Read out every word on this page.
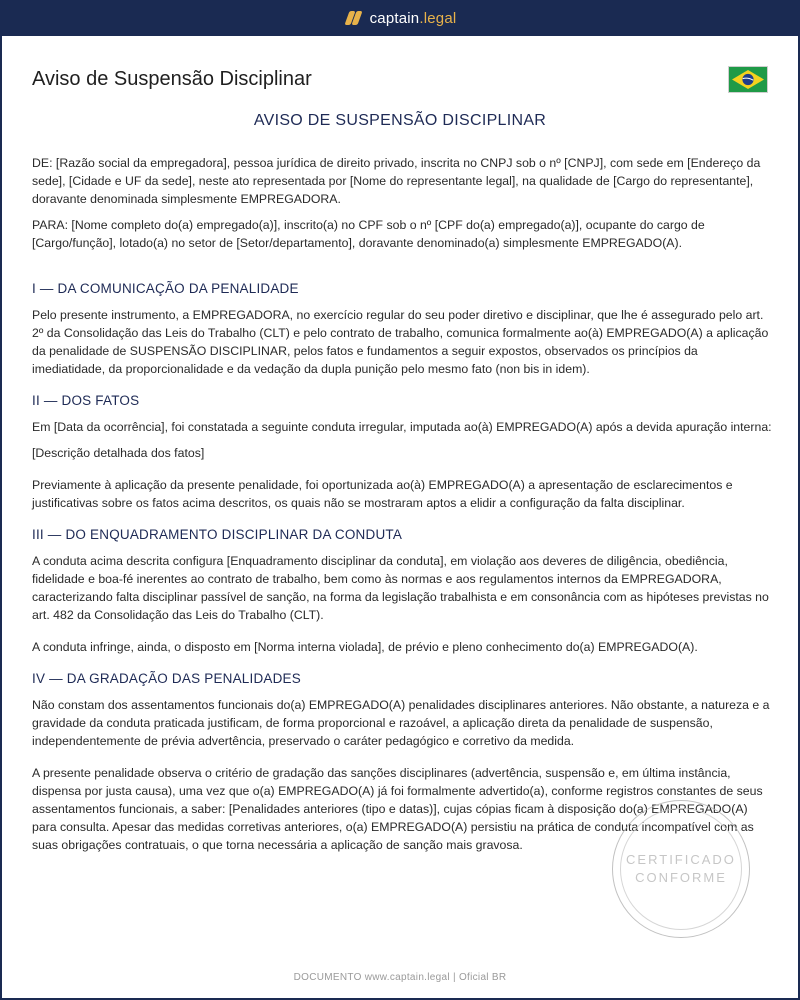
captain.legal
Aviso de Suspensão Disciplinar
AVISO DE SUSPENSÃO DISCIPLINAR

DE: [Razão social da empregadora], pessoa jurídica de direito privado, inscrita no CNPJ sob o nº [CNPJ], com sede em [Endereço da sede], [Cidade e UF da sede], neste ato representada por [Nome do representante legal], na qualidade de [Cargo do representante], doravante denominada simplesmente EMPREGADORA.

PARA: [Nome completo do(a) empregado(a)], inscrito(a) no CPF sob o nº [CPF do(a) empregado(a)], ocupante do cargo de [Cargo/função], lotado(a) no setor de [Setor/departamento], doravante denominado(a) simplesmente EMPREGADO(A).

I — DA COMUNICAÇÃO DA PENALIDADE

Pelo presente instrumento, a EMPREGADORA, no exercício regular do seu poder diretivo e disciplinar, que lhe é assegurado pelo art. 2º da Consolidação das Leis do Trabalho (CLT) e pelo contrato de trabalho, comunica formalmente ao(à) EMPREGADO(A) a aplicação da penalidade de SUSPENSÃO DISCIPLINAR, pelos fatos e fundamentos a seguir expostos, observados os princípios da imediatidade, da proporcionalidade e da vedação da dupla punição pelo mesmo fato (non bis in idem).

II — DOS FATOS

Em [Data da ocorrência], foi constatada a seguinte conduta irregular, imputada ao(à) EMPREGADO(A) após a devida apuração interna:

[Descrição detalhada dos fatos]

Previamente à aplicação da presente penalidade, foi oportunizada ao(à) EMPREGADO(A) a apresentação de esclarecimentos e justificativas sobre os fatos acima descritos, os quais não se mostraram aptos a elidir a configuração da falta disciplinar.

III — DO ENQUADRAMENTO DISCIPLINAR DA CONDUTA

A conduta acima descrita configura [Enquadramento disciplinar da conduta], em violação aos deveres de diligência, obediência, fidelidade e boa-fé inerentes ao contrato de trabalho, bem como às normas e aos regulamentos internos da EMPREGADORA, caracterizando falta disciplinar passível de sanção, na forma da legislação trabalhista e em consonância com as hipóteses previstas no art. 482 da Consolidação das Leis do Trabalho (CLT).

A conduta infringe, ainda, o disposto em [Norma interna violada], de prévio e pleno conhecimento do(a) EMPREGADO(A).

IV — DA GRADAÇÃO DAS PENALIDADES

Não constam dos assentamentos funcionais do(a) EMPREGADO(A) penalidades disciplinares anteriores. Não obstante, a natureza e a gravidade da conduta praticada justificam, de forma proporcional e razoável, a aplicação direta da penalidade de suspensão, independentemente de prévia advertência, preservado o caráter pedagógico e corretivo da medida.

A presente penalidade observa o critério de gradação das sanções disciplinares (advertência, suspensão e, em última instância, dispensa por justa causa), uma vez que o(a) EMPREGADO(A) já foi formalmente advertido(a), conforme registros constantes de seus assentamentos funcionais, a saber: [Penalidades anteriores (tipo e datas)], cujas cópias ficam à disposição do(a) EMPREGADO(A) para consulta. Apesar das medidas corretivas anteriores, o(a) EMPREGADO(A) persistiu na prática de conduta incompatível com as suas obrigações contratuais, o que torna necessária a aplicação de sanção mais gravosa.

CERTIFICADO
CONFORME
DOCUMENTO www.captain.legal | Oficial BR
